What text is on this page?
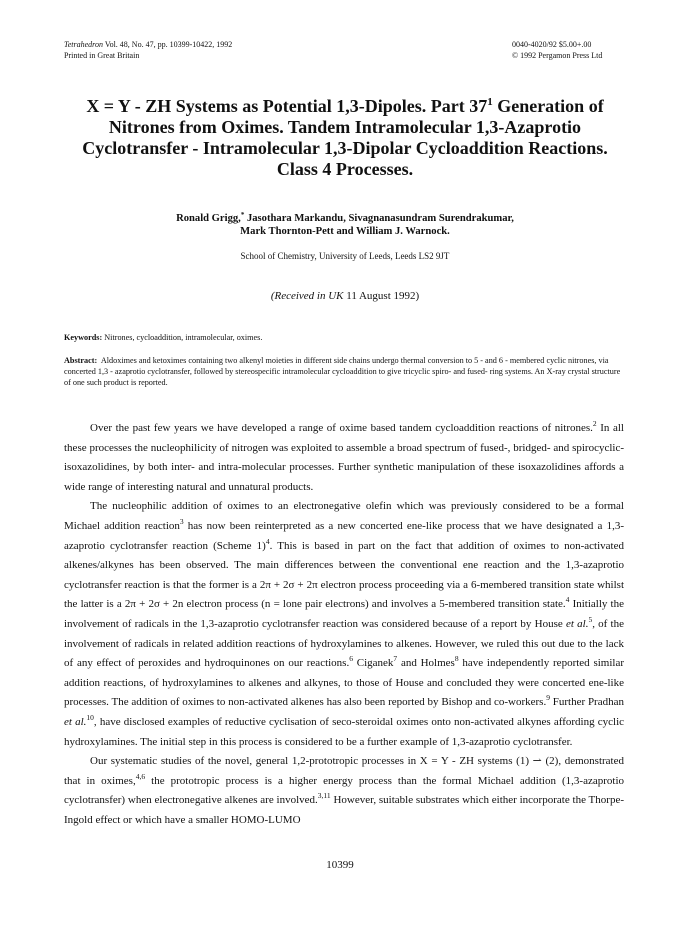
Tetrahedron Vol. 48, No. 47, pp. 10399-10422, 1992
Printed in Great Britain
0040-4020/92 $5.00+.00
© 1992 Pergamon Press Ltd
X = Y - ZH Systems as Potential 1,3-Dipoles. Part $37^1$ Generation of Nitrones from Oximes. Tandem Intramolecular 1,3-Azaprotio Cyclotransfer - Intramolecular 1,3-Dipolar Cycloaddition Reactions. Class 4 Processes.
Ronald Grigg,* Jasothara Markandu, Sivagnanasundram Surendrakumar,
Mark Thornton-Pett and William J. Warnock.
School of Chemistry, University of Leeds, Leeds LS2 9JT
(Received in UK 11 August 1992)
Keywords: Nitrones, cycloaddition, intramolecular, oximes.
Abstract: Aldoximes and ketoximes containing two alkenyl moieties in different side chains undergo thermal conversion to 5 - and 6 - membered cyclic nitrones, via concerted 1,3 - azaprotio cyclotransfer, followed by stereospecific intramolecular cycloaddition to give tricyclic spiro- and fused- ring systems. An X-ray crystal structure of one such product is reported.

Over the past few years we have developed a range of oxime based tandem cycloaddition reactions of nitrones.$^2$ In all these processes the nucleophilicity of nitrogen was exploited to assemble a broad spectrum of fused-, bridged- and spirocyclic-isoxazolidines, by both inter- and intra-molecular processes. Further synthetic manipulation of these isoxazolidines affords a wide range of interesting natural and unnatural products.

The nucleophilic addition of oximes to an electronegative olefin which was previously considered to be a formal Michael addition reaction$^3$ has now been reinterpreted as a new concerted ene-like process that we have designated a 1,3-azaprotio cyclotransfer reaction (Scheme 1)$^4$. This is based in part on the fact that addition of oximes to non-activated alkenes/alkynes has been observed. The main differences between the conventional ene reaction and the 1,3-azaprotio cyclotransfer reaction is that the former is a 2π + 2σ + 2π electron process proceeding via a 6-membered transition state whilst the latter is a 2π + 2σ + 2n electron process (n = lone pair electrons) and involves a 5-membered transition state.$^4$ Initially the involvement of radicals in the 1,3-azaprotio cyclotransfer reaction was considered because of a report by House et al.$^5$, of the involvement of radicals in related addition reactions of hydroxylamines to alkenes. However, we ruled this out due to the lack of any effect of peroxides and hydroquinones on our reactions.$^6$ Ciganek$^7$ and Holmes$^8$ have independently reported similar addition reactions, of hydroxylamines to alkenes and alkynes, to those of House and concluded they were concerted ene-like processes. The addition of oximes to non-activated alkenes has also been reported by Bishop and co-workers.$^9$ Further Pradhan et al.$^{10}$, have disclosed examples of reductive cyclisation of seco-steroidal oximes onto non-activated alkynes affording cyclic hydroxylamines. The initial step in this process is considered to be a further example of 1,3-azaprotio cyclotransfer.

Our systematic studies of the novel, general 1,2-prototropic processes in X = Y - ZH systems (1) ⇀ (2), demonstrated that in oximes,$^{4,6}$ the prototropic process is a higher energy process than the formal Michael addition (1,3-azaprotio cyclotransfer) when electronegative alkenes are involved.$^{3,11}$ However, suitable substrates which either incorporate the Thorpe-Ingold effect or which have a smaller HOMO-LUMO

10399
